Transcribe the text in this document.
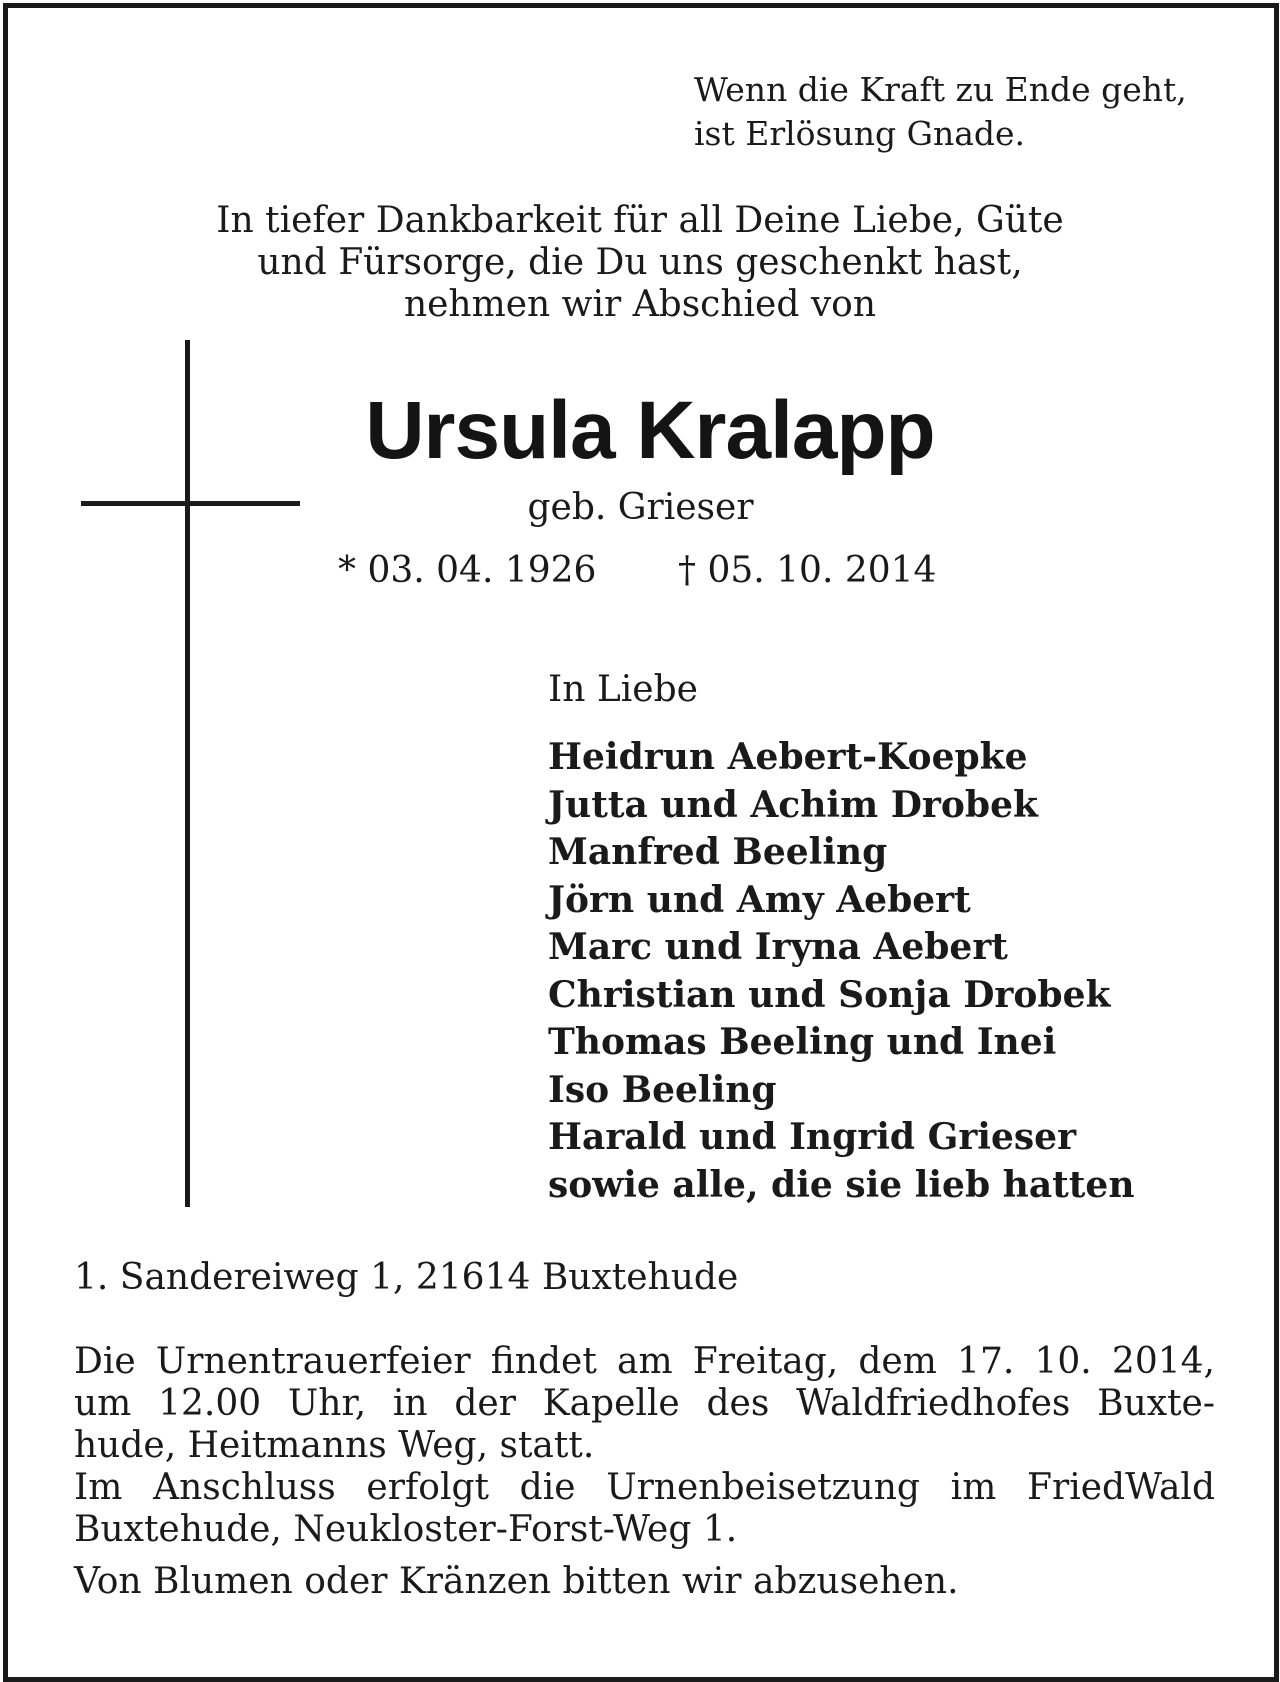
Wenn die Kraft zu Ende geht,
ist Erlösung Gnade.
In tiefer Dankbarkeit für all Deine Liebe, Güte
und Fürsorge, die Du uns geschenkt hast,
nehmen wir Abschied von
Ursula Kralapp
geb. Grieser
* 03. 04. 1926 † 05. 10. 2014
In Liebe
Heidrun Aebert-Koepke
Jutta und Achim Drobek
Manfred Beeling
Jörn und Amy Aebert
Marc und Iryna Aebert
Christian und Sonja Drobek
Thomas Beeling und Inei
Iso Beeling
Harald und Ingrid Grieser
sowie alle, die sie lieb hatten
1. Sandereiweg 1, 21614 Buxtehude
Die Urnentrauerfeier findet am Freitag, dem 17. 10. 2014,
um 12.00 Uhr, in der Kapelle des Waldfriedhofes Buxte-
hude, Heitmanns Weg, statt.
Im Anschluss erfolgt die Urnenbeisetzung im FriedWald
Buxtehude, Neukloster-Forst-Weg 1.
Von Blumen oder Kränzen bitten wir abzusehen.
